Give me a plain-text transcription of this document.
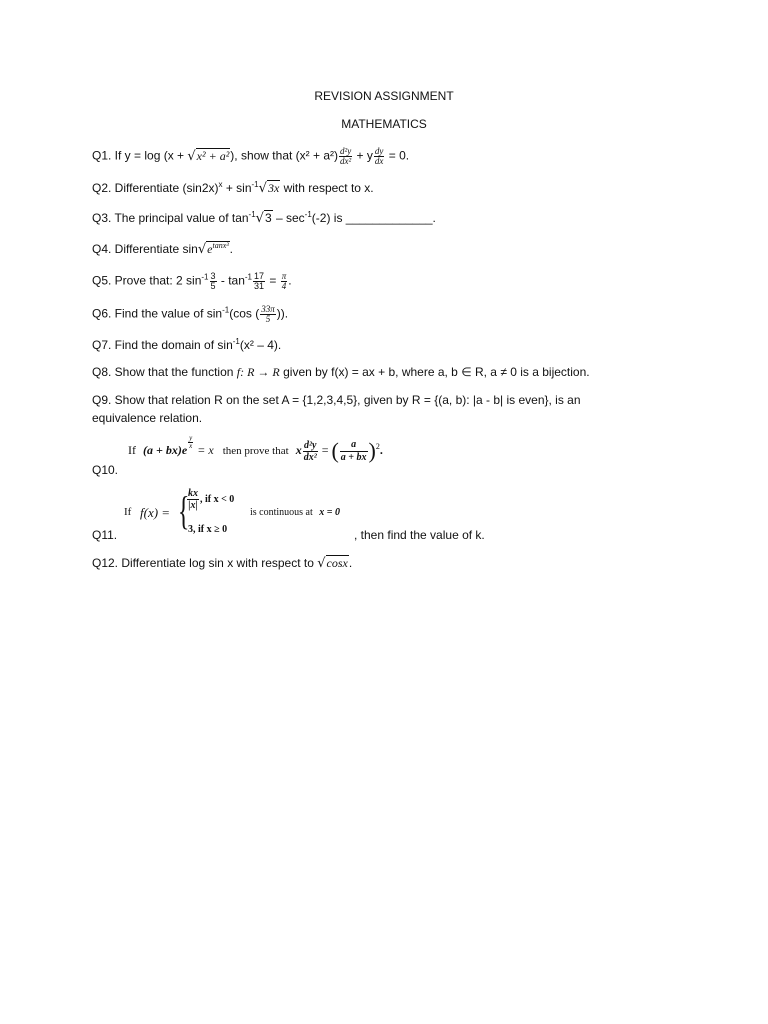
REVISION ASSIGNMENT
MATHEMATICS
Q1. If y = log (x + √x² + a²), show that $(x^2 + a^2) \frac{\text{d²y}}{\text{dx²}} + y \frac{dy}{dx} = 0$.
Q2. Differentiate $(\sin 2x)^x + \sin^{-1}√3x$ with respect to x.
Q3. The principal value of $\tan^{-1}√3 - \sec^{-1}(-2)$ is _____________.
Q4. Differentiate $\sin√e^{tanx^3}$.
Q5. Prove that: 2 $\sin^{-1} \frac{3}{5} - \tan^{-1} \frac{17}{31} = \frac{\pi}{4}$ .
Q6. Find the value of $\sin^{-1}(\cos$ ( $\frac{33\pi}{5}$ )).
Q7. Find the domain of $\sin^{-1}(x^2 - 4)$.
Q8. Show that the function f: R → R given by f(x) = ax + b, where a, b ∈ R, a ≠ 0 is a bijection.
Q9. Show that relation R on the set A = {1,2,3,4,5}, given by R = {(a, b): |a - b| is even}, is an
equivalence relation.
If (a + bx)e $^{\frac{y}{x}}$ = x then prove that x $\frac{\text{d²y}}{\text{dx²}}$ = ( $\frac{a}{a + bx} )^2$.
Q10.
If f(x) = {
$\frac{kx}{|x|}$ , if x < 0
3, if x ≥ 0
is continuous at x = 0
Q11.	, then find the value of k.
Q12. Differentiate log sin x with respect to √cosx.
